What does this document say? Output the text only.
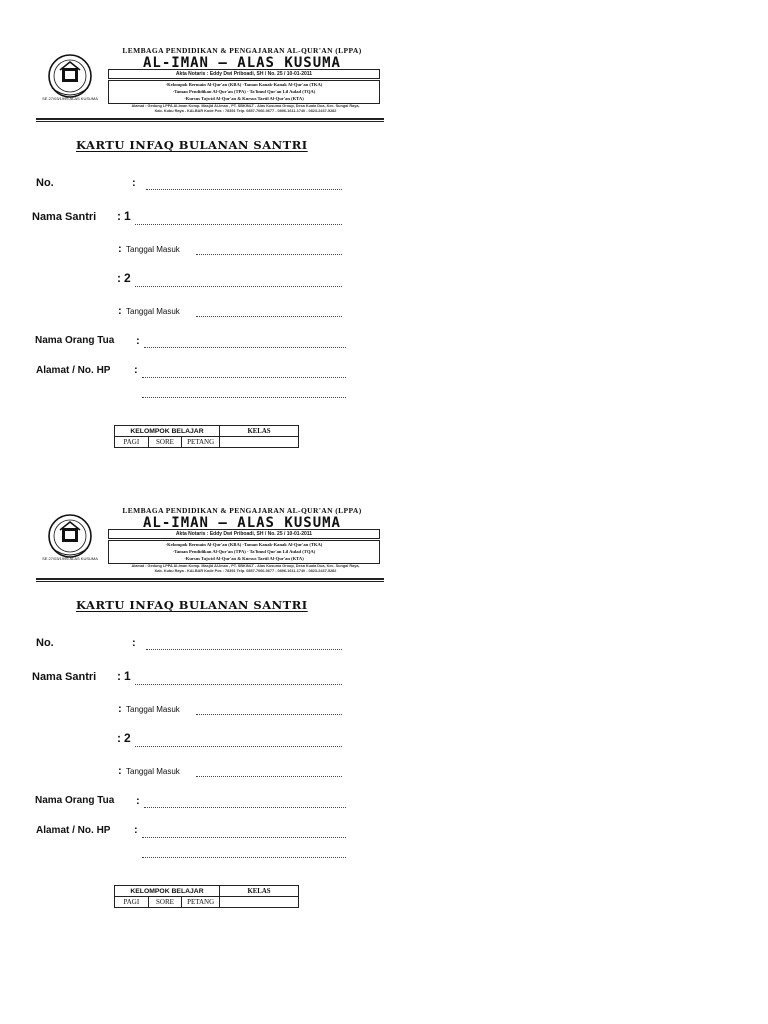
SE 27/03/1995 ALAS KUSUMA
LEMBAGA PENDIDIKAN & PENGAJARAN AL-QUR'AN (LPPA)
AL-IMAN – ALAS KUSUMA
Akta Notaris : Eddy Dwi Priboadi, SH / No. 25 / 10-01-2011
-Kelompok Bermain Al-Qur'an (KBA) -Taman Kanak-Kanak Al-Qur'an (TKA)
-Taman Pendidikan Al-Qur'an (TPA) - Ta'limul Qur'an Lil Aulad (TQA)
-Kursus Tajwid Al-Qur'an & Kursus Tartil Al-Qur'an (KTA)
Alamat : Gedung LPPA Al-Iman Komp. Masjid Al-Iman , PT. SBKINLT - Alas Kusuma Group, Desa Kuala Dua, Kec. Sungai Raya,
Kab. Kubu Raya - KALBAR Kode Pos : 78391 Telp. 0857-7060-0677 - 0896-1611-1740 - 0823-2437-5282
KARTU INFAQ BULANAN SANTRI
No.	:
Nama Santri : 1
: Tanggal Masuk
: 2
: Tanggal Masuk
Nama Orang Tua :
Alamat / No. HP :
KELOMPOK BELAJAR			KELAS
PAGI	SORE	PETANG	
SE 27/03/1995 ALAS KUSUMA
LEMBAGA PENDIDIKAN & PENGAJARAN AL-QUR'AN (LPPA)
AL-IMAN – ALAS KUSUMA
Akta Notaris : Eddy Dwi Priboadi, SH / No. 25 / 10-01-2011
-Kelompok Bermain Al-Qur'an (KBA) -Taman Kanak-Kanak Al-Qur'an (TKA)
-Taman Pendidikan Al-Qur'an (TPA) - Ta'limul Qur'an Lil Aulad (TQA)
-Kursus Tajwid Al-Qur'an & Kursus Tartil Al-Qur'an (KTA)
Alamat : Gedung LPPA Al-Iman Komp. Masjid Al-Iman , PT. SBKINLT - Alas Kusuma Group, Desa Kuala Dua, Kec. Sungai Raya,
Kab. Kubu Raya - KALBAR Kode Pos : 78391 Telp. 0857-7060-0677 - 0896-1611-1740 - 0823-2437-5282
KARTU INFAQ BULANAN SANTRI
No.	:
Nama Santri : 1
: Tanggal Masuk
: 2
: Tanggal Masuk
Nama Orang Tua :
Alamat / No. HP :
KELOMPOK BELAJAR			KELAS
PAGI	SORE	PETANG	
